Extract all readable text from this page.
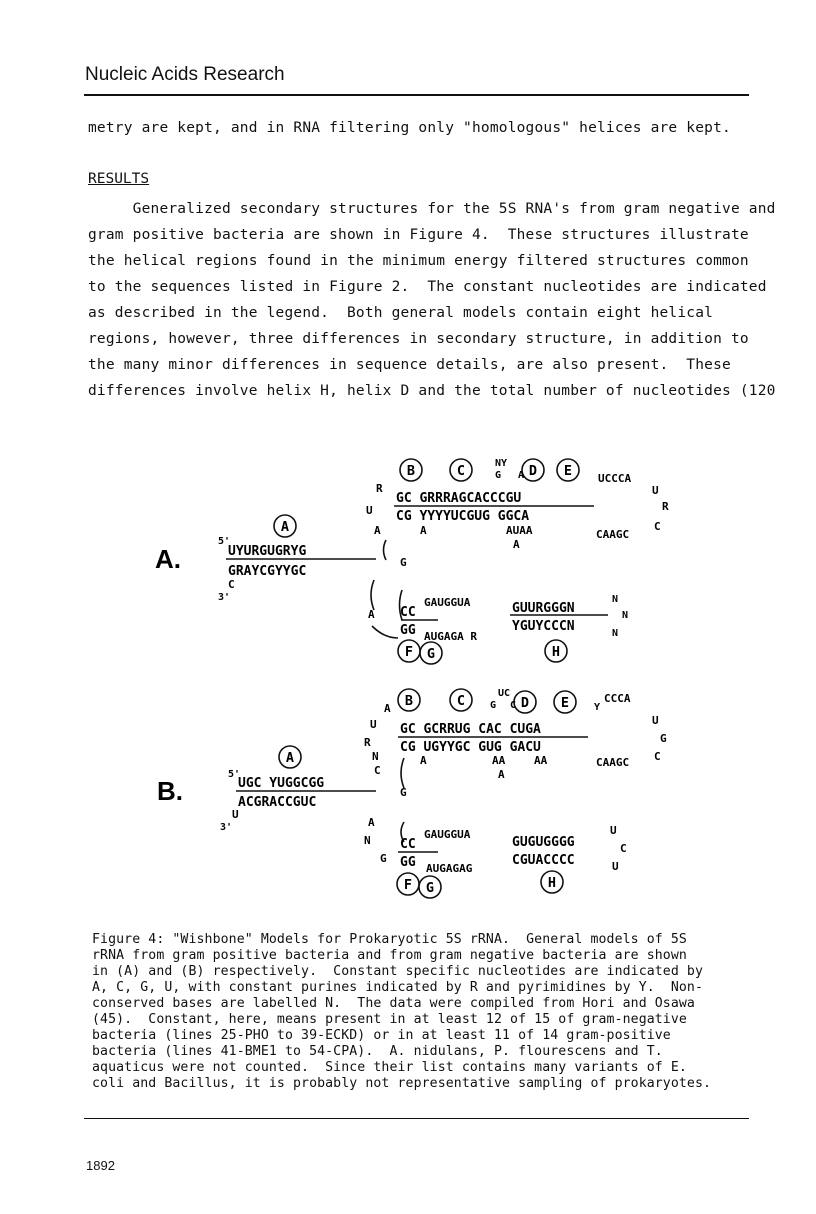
Nucleic Acids Research
metry are kept, and in RNA filtering only "homologous" helices are kept.
RESULTS
Generalized secondary structures for the 5S RNA's from gram negative and
gram positive bacteria are shown in Figure 4.  These structures illustrate
the helical regions found in the minimum energy filtered structures common
to the sequences listed in Figure 2.  The constant nucleotides are indicated
as described in the legend.  Both general models contain eight helical
regions, however, three differences in secondary structure, in addition to
the many minor differences in sequence details, are also present.  These
differences involve helix H, helix D and the total number of nucleotides (120
A.
B	C	D E
A
F G	H
UYURGUGRYG
GRAYCGYYGC
5'
C
3'
GC GRRRAGCACCCGU
CG YYYYUCGUG GGCA
NY
G A	UCCCA
U
R
C
CAAGC
A	AUAA
A
R
U
A
G
A CC
GG
GAUGGUA
AUGAGA R
GUURGGGN
YGUYCCCN
N
N
N
B.
B	C	D E
A
F G	H
UGC YUGGCGG
ACGRACCGUC
5'
U
3'
GC GCRRUG CAC CUGA
CG UGYYGC GUG GACU
UC
G C	Y
CCCA
U
G
C
CAAGC
A	AA	AA
A
A
U
R
N
C
G
A
N
G
CC
GG
GAUGGUA
AUGAGAG
GUGUGGGG
CGUACCCC
U
C
U
Figure 4: "Wishbone" Models for Prokaryotic 5S rRNA.  General models of 5S
rRNA from gram positive bacteria and from gram negative bacteria are shown
in (A) and (B) respectively.  Constant specific nucleotides are indicated by
A, C, G, U, with constant purines indicated by R and pyrimidines by Y.  Non-
conserved bases are labelled N.  The data were compiled from Hori and Osawa
(45).  Constant, here, means present in at least 12 of 15 of gram-negative
bacteria (lines 25-PHO to 39-ECKD) or in at least 11 of 14 gram-positive
bacteria (lines 41-BME1 to 54-CPA).  A. nidulans, P. flourescens and T.
aquaticus were not counted.  Since their list contains many variants of E.
coli and Bacillus, it is probably not representative sampling of prokaryotes.
1892
